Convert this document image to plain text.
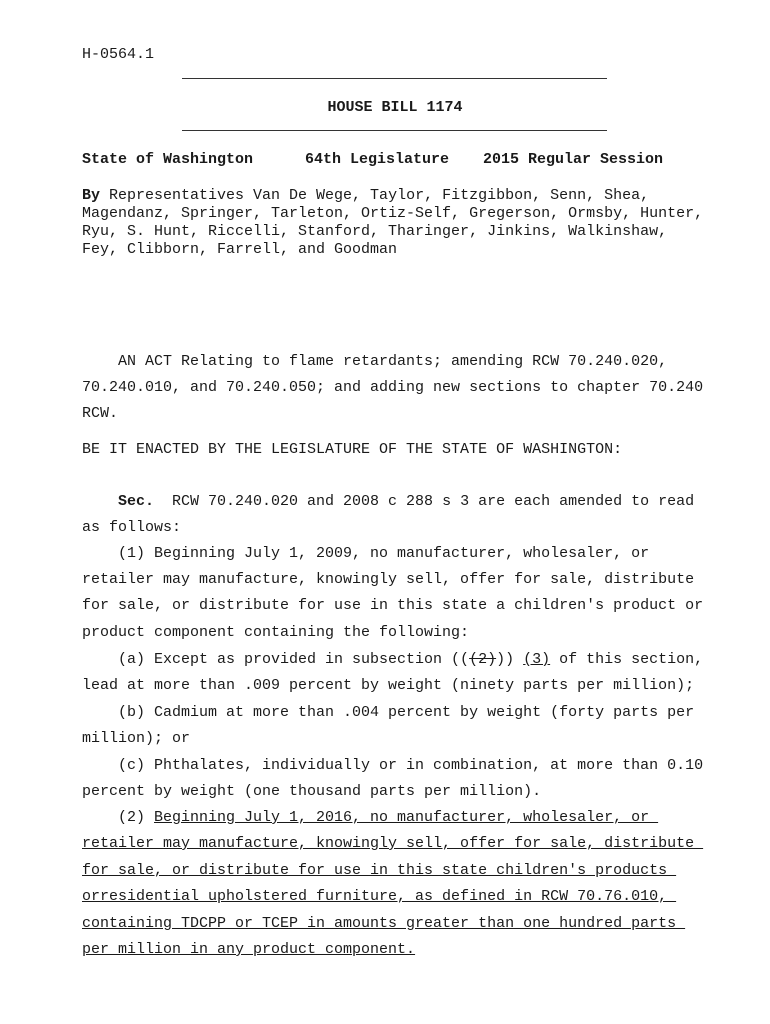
H-0564.1
HOUSE BILL 1174
State of Washington	64th Legislature 2015 Regular Session
By Representatives Van De Wege, Taylor, Fitzgibbon, Senn, Shea,
Magendanz, Springer, Tarleton, Ortiz-Self, Gregerson, Ormsby, Hunter,
Ryu, S. Hunt, Riccelli, Stanford, Tharinger, Jinkins, Walkinshaw,
Fey, Clibborn, Farrell, and Goodman
AN ACT Relating to flame retardants; amending RCW 70.240.020,
70.240.010, and 70.240.050; and adding new sections to chapter 70.240
RCW.
BE IT ENACTED BY THE LEGISLATURE OF THE STATE OF WASHINGTON:
Sec.  RCW 70.240.020 and 2008 c 288 s 3 are each amended to read
as follows:
(1) Beginning July 1, 2009, no manufacturer, wholesaler, or
retailer may manufacture, knowingly sell, offer for sale, distribute
for sale, or distribute for use in this state a children's product or
product component containing the following:
(a) Except as provided in subsection (((2))) (3) of this section,
lead at more than .009 percent by weight (ninety parts per million);
(b) Cadmium at more than .004 percent by weight (forty parts per
million); or
(c) Phthalates, individually or in combination, at more than 0.10
percent by weight (one thousand parts per million).
(2) Beginning July 1, 2016, no manufacturer, wholesaler, or
retailer may manufacture, knowingly sell, offer for sale, distribute
for sale, or distribute for use in this state children's products
orresidential upholstered furniture, as defined in RCW 70.76.010,
containing TDCPP or TCEP in amounts greater than one hundred parts
per million in any product component.
